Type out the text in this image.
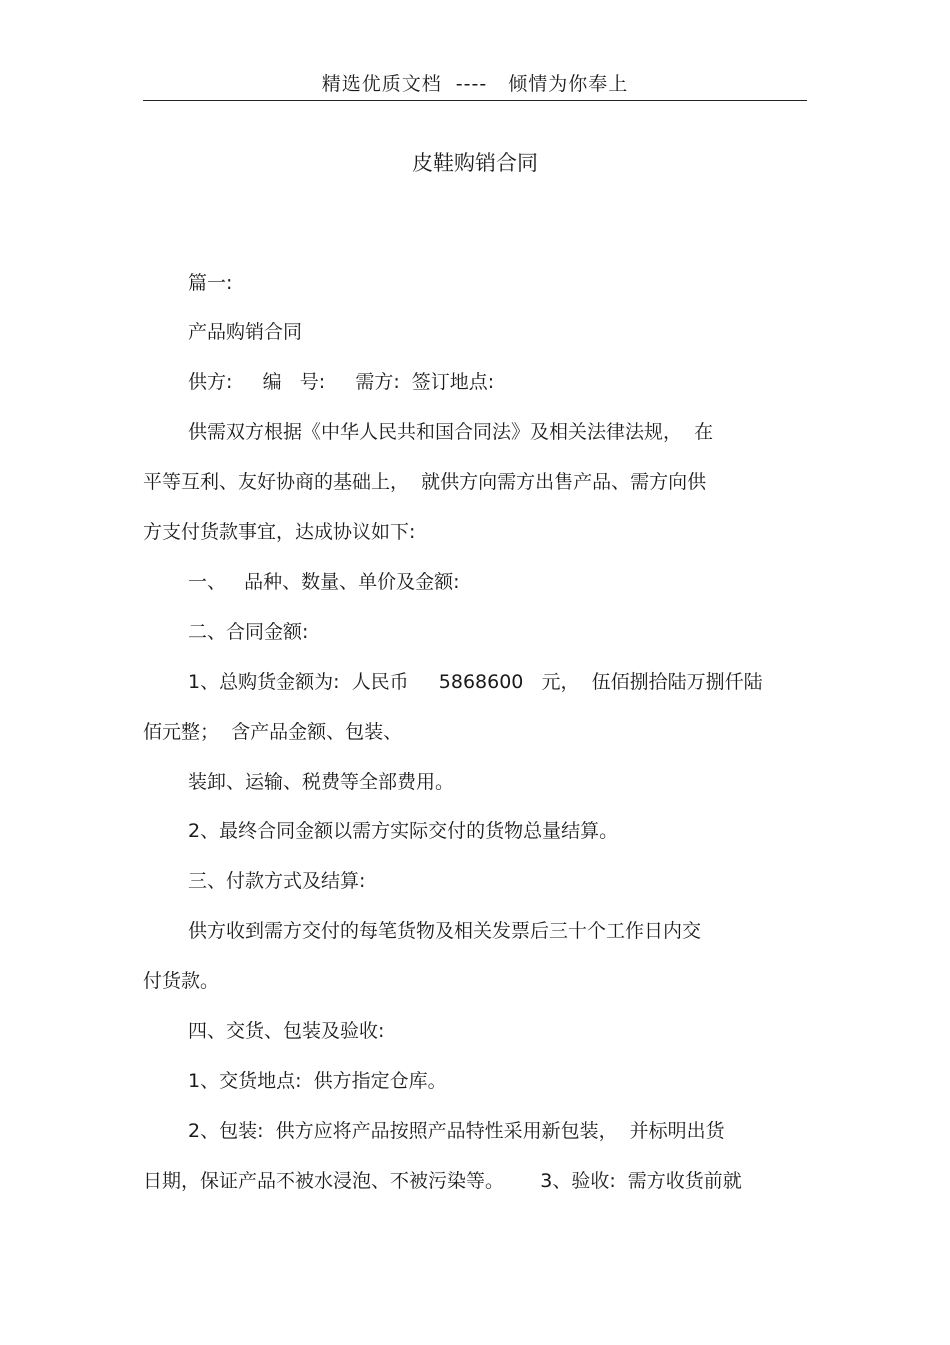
精选优质文档  ----   倾情为你奉上
皮鞋购销合同
篇一:
产品购销合同
供方:     编   号:     需方:  签订地点:
供需双方根据《中华人民共和国合同法》及相关法律法规，  在
平等互利、友好协商的基础上，  就供方向需方出售产品、需方向供
方支付货款事宜，达成协议如下:
一、   品种、数量、单价及金额:
二、合同金额:
1、总购货金额为:  人民币     5868600   元，  伍佰捌拾陆万捌仟陆
佰元整；  含产品金额、包装、
装卸、运输、税费等全部费用。
2、最终合同金额以需方实际交付的货物总量结算。
三、付款方式及结算:
供方收到需方交付的每笔货物及相关发票后三十个工作日内交
付货款。
四、交货、包装及验收:
1、交货地点:  供方指定仓库。
2、包装:  供方应将产品按照产品特性采用新包装，  并标明出货
日期，保证产品不被水浸泡、不被污染等。      3、验收:  需方收货前就
